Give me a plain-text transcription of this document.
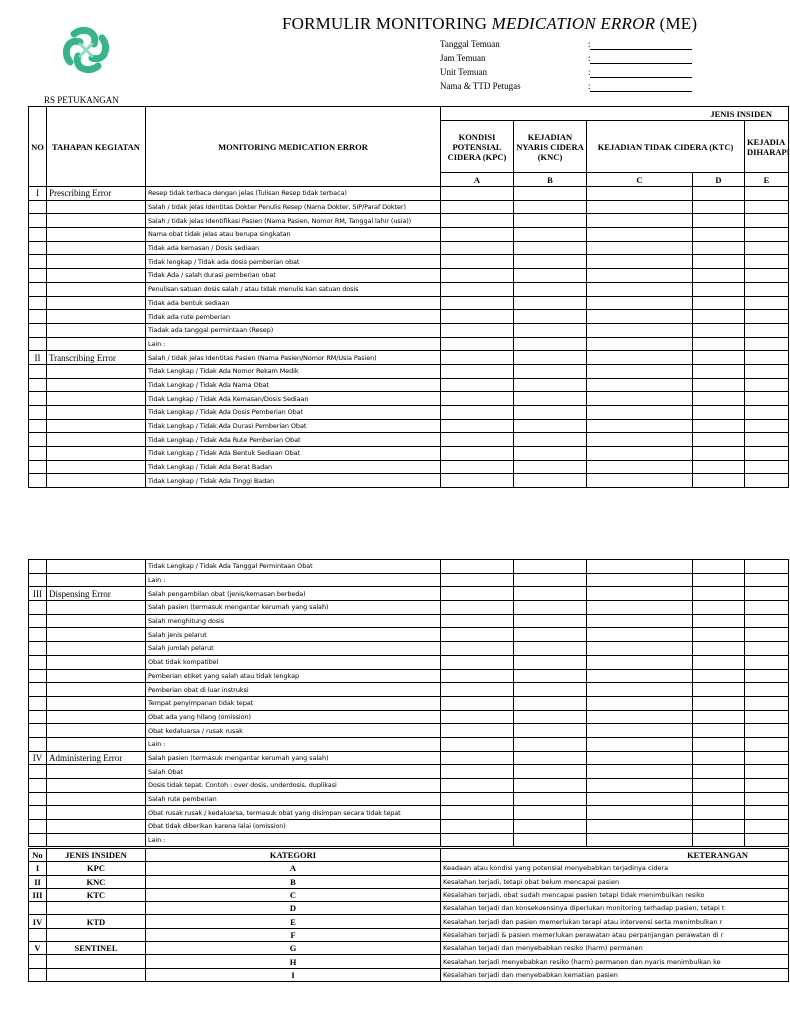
FORMULIR MONITORING MEDICATION ERROR (ME)
Tanggal Temuan	:
Jam Temuan	:
Unit Temuan	:
Nama & TTD Petugas	:
RS PETUKANGAN
NO	TAHAPAN KEGIATAN	MONITORING MEDICATION ERROR	JENIS INSIDEN				
			KONDISI POTENSIAL CIDERA (KPC)	KEJADIAN NYARIS CIDERA (KNC)	KEJADIAN TIDAK CIDERA (KTC)		KEJADIA DIHARAPI
			A	B	C	D	E
I	Prescribing Error	Resep tidak terbaca dengan jelas (Tulisan Resep tidak terbaca)					
		Salah / tidak jelas Identitas Dokter Penulis Resep (Nama Dokter, SIP/Paraf Dokter)					
		Salah / tidak jelas Identifikasi Pasien (Nama Pasien, Nomor RM, Tanggal lahir (usia))					
		Nama obat tidak jelas atau berupa singkatan					
		Tidak ada kemasan / Dosis sediaan					
		Tidak lengkap / Tidak ada dosis pemberian obat					
		Tidak Ada / salah durasi pemberian obat					
		Penulisan satuan dosis salah / atau tidak menulis kan satuan dosis					
		Tidak ada bentuk sediaan					
		Tidak ada rute pemberian					
		Tiadak ada tanggal permintaan (Resep)					
		Lain :					
II	Transcribing Error	Salah / tidak jelas Identitas Pasien (Nama Pasien/Nomor RM/Usia Pasien)					
		Tidak Lengkap / Tidak Ada Nomor Rekam Medik					
		Tidak Lengkap / Tidak Ada Nama Obat					
		Tidak Lengkap / Tidak Ada Kemasan/Dosis Sediaan					
		Tidak Lengkap / Tidak Ada Dosis Pemberian Obat					
		Tidak Lengkap / Tidak Ada Durasi Pemberian Obat					
		Tidak Lengkap / Tidak Ada Rute Pemberian Obat					
		Tidak Lengkap / Tidak Ada Bentuk Sediaan Obat					
		Tidak Lengkap / Tidak Ada Berat Badan					
		Tidak Lengkap / Tidak Ada Tinggi Badan					
		Tidak Lengkap / Tidak Ada Tanggal Permintaan Obat					
		Lain :					
III	Dispensing Error	Salah pengambilan obat (jenis/kemasan berbeda)					
		Salah pasien (termasuk mengantar kerumah yang salah)					
		Salah menghitung dosis					
		Salah jenis pelarut					
		Salah jumlah pelarut					
		Obat tidak kompatibel					
		Pemberian etiket yang salah atau tidak lengkap					
		Pemberian obat di luar instruksi					
		Tempat penyimpanan tidak tepat					
		Obat ada yang hilang (omission)					
		Obat kedaluarsa / rusak rusak					
		Lain :					
IV	Administering Error	Salah pasien (termasuk mengantar kerumah yang salah)					
		Salah Obat					
		Dosis tidak tepat. Contoh : over dosis, underdosis, duplikasi					
		Salah rute pemberian					
		Obat rusak rusak / kedaluarsa, termasuk obat yang disimpan secara tidak tepat					
		Obat tidak diberikan karena lalai (omission)					
		Lain :					
No	JENIS INSIDEN	KATEGORI	KETERANGAN
I	KPC	A	Keadaan atau kondisi yang potensial menyebabkan terjadinya cidera
II	KNC	B	Kesalahan terjadi, tetapi obat belum mencapai pasien
III	KTC	C	Kesalahan terjadi, obat sudah mencapai pasien tetapi tidak menimbulkan resiko
		D	Kesalahan terjadi dan konsekuensinya diperlukan monitoring terhadap pasien, tetapi t
IV	KTD	E	Kesalahan terjadi dan pasien memerlukan terapi atau intervensi serta menimbulkan r
		F	Kesalahan terjadi & pasien memerlukan perawatan atau perpanjangan perawatan di r
V	SENTINEL	G	Kesalahan terjadi dan menyebabkan resiko (harm) permanen
		H	Kesalahan terjadi menyebabkan resiko (harm) permanen dan nyaris menimbulkan ke
		I	Kesalahan terjadi dan menyebabkan kematian pasien
